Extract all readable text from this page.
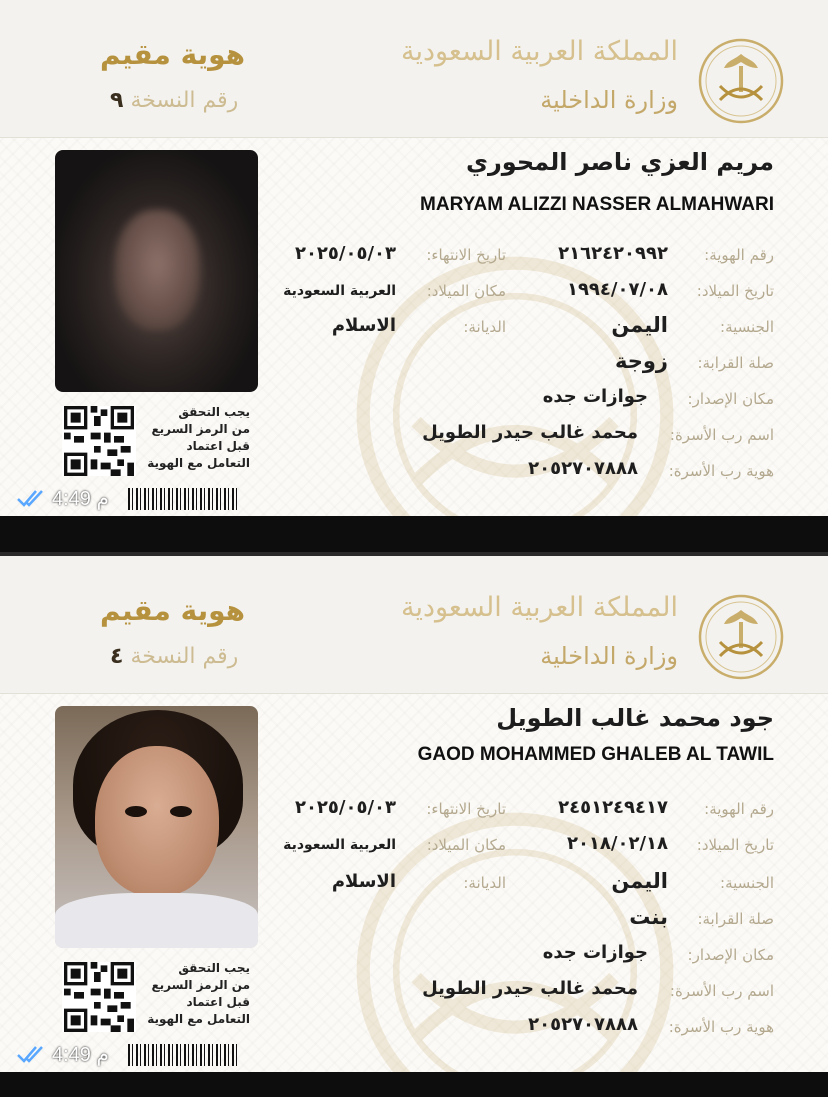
المملكة العربية السعودية
وزارة الداخلية
هوية مقيم
رقم النسخة ٩
يجب التحقق
من الرمز السريع
قبل اعتماد
التعامل مع الهوية
مريم العزي ناصر المحوري
MARYAM ALIZZI NASSER ALMAHWARI
رقم الهوية:
٢١٦٢٤٢٠٩٩٢
تاريخ الانتهاء:
٢٠٢٥/٠٥/٠٣
تاريخ الميلاد:
١٩٩٤/٠٧/٠٨
مكان الميلاد:
العربية السعودية
الجنسية:
اليمن
الديانة:
الاسلام
صلة القرابة:
زوجة
مكان الإصدار:
جوازات جده
اسم رب الأسرة:
محمد غالب حيدر الطويل
هوية رب الأسرة:
٢٠٥٢٧٠٧٨٨٨
4:49 م
المملكة العربية السعودية
وزارة الداخلية
هوية مقيم
رقم النسخة ٤
يجب التحقق
من الرمز السريع
قبل اعتماد
التعامل مع الهوية
جود محمد غالب الطويل
GAOD MOHAMMED GHALEB AL TAWIL
رقم الهوية:
٢٤٥١٢٤٩٤١٧
تاريخ الانتهاء:
٢٠٢٥/٠٥/٠٣
تاريخ الميلاد:
٢٠١٨/٠٢/١٨
مكان الميلاد:
العربية السعودية
الجنسية:
اليمن
الديانة:
الاسلام
صلة القرابة:
بنت
مكان الإصدار:
جوازات جده
اسم رب الأسرة:
محمد غالب حيدر الطويل
هوية رب الأسرة:
٢٠٥٢٧٠٧٨٨٨
4:49 م
